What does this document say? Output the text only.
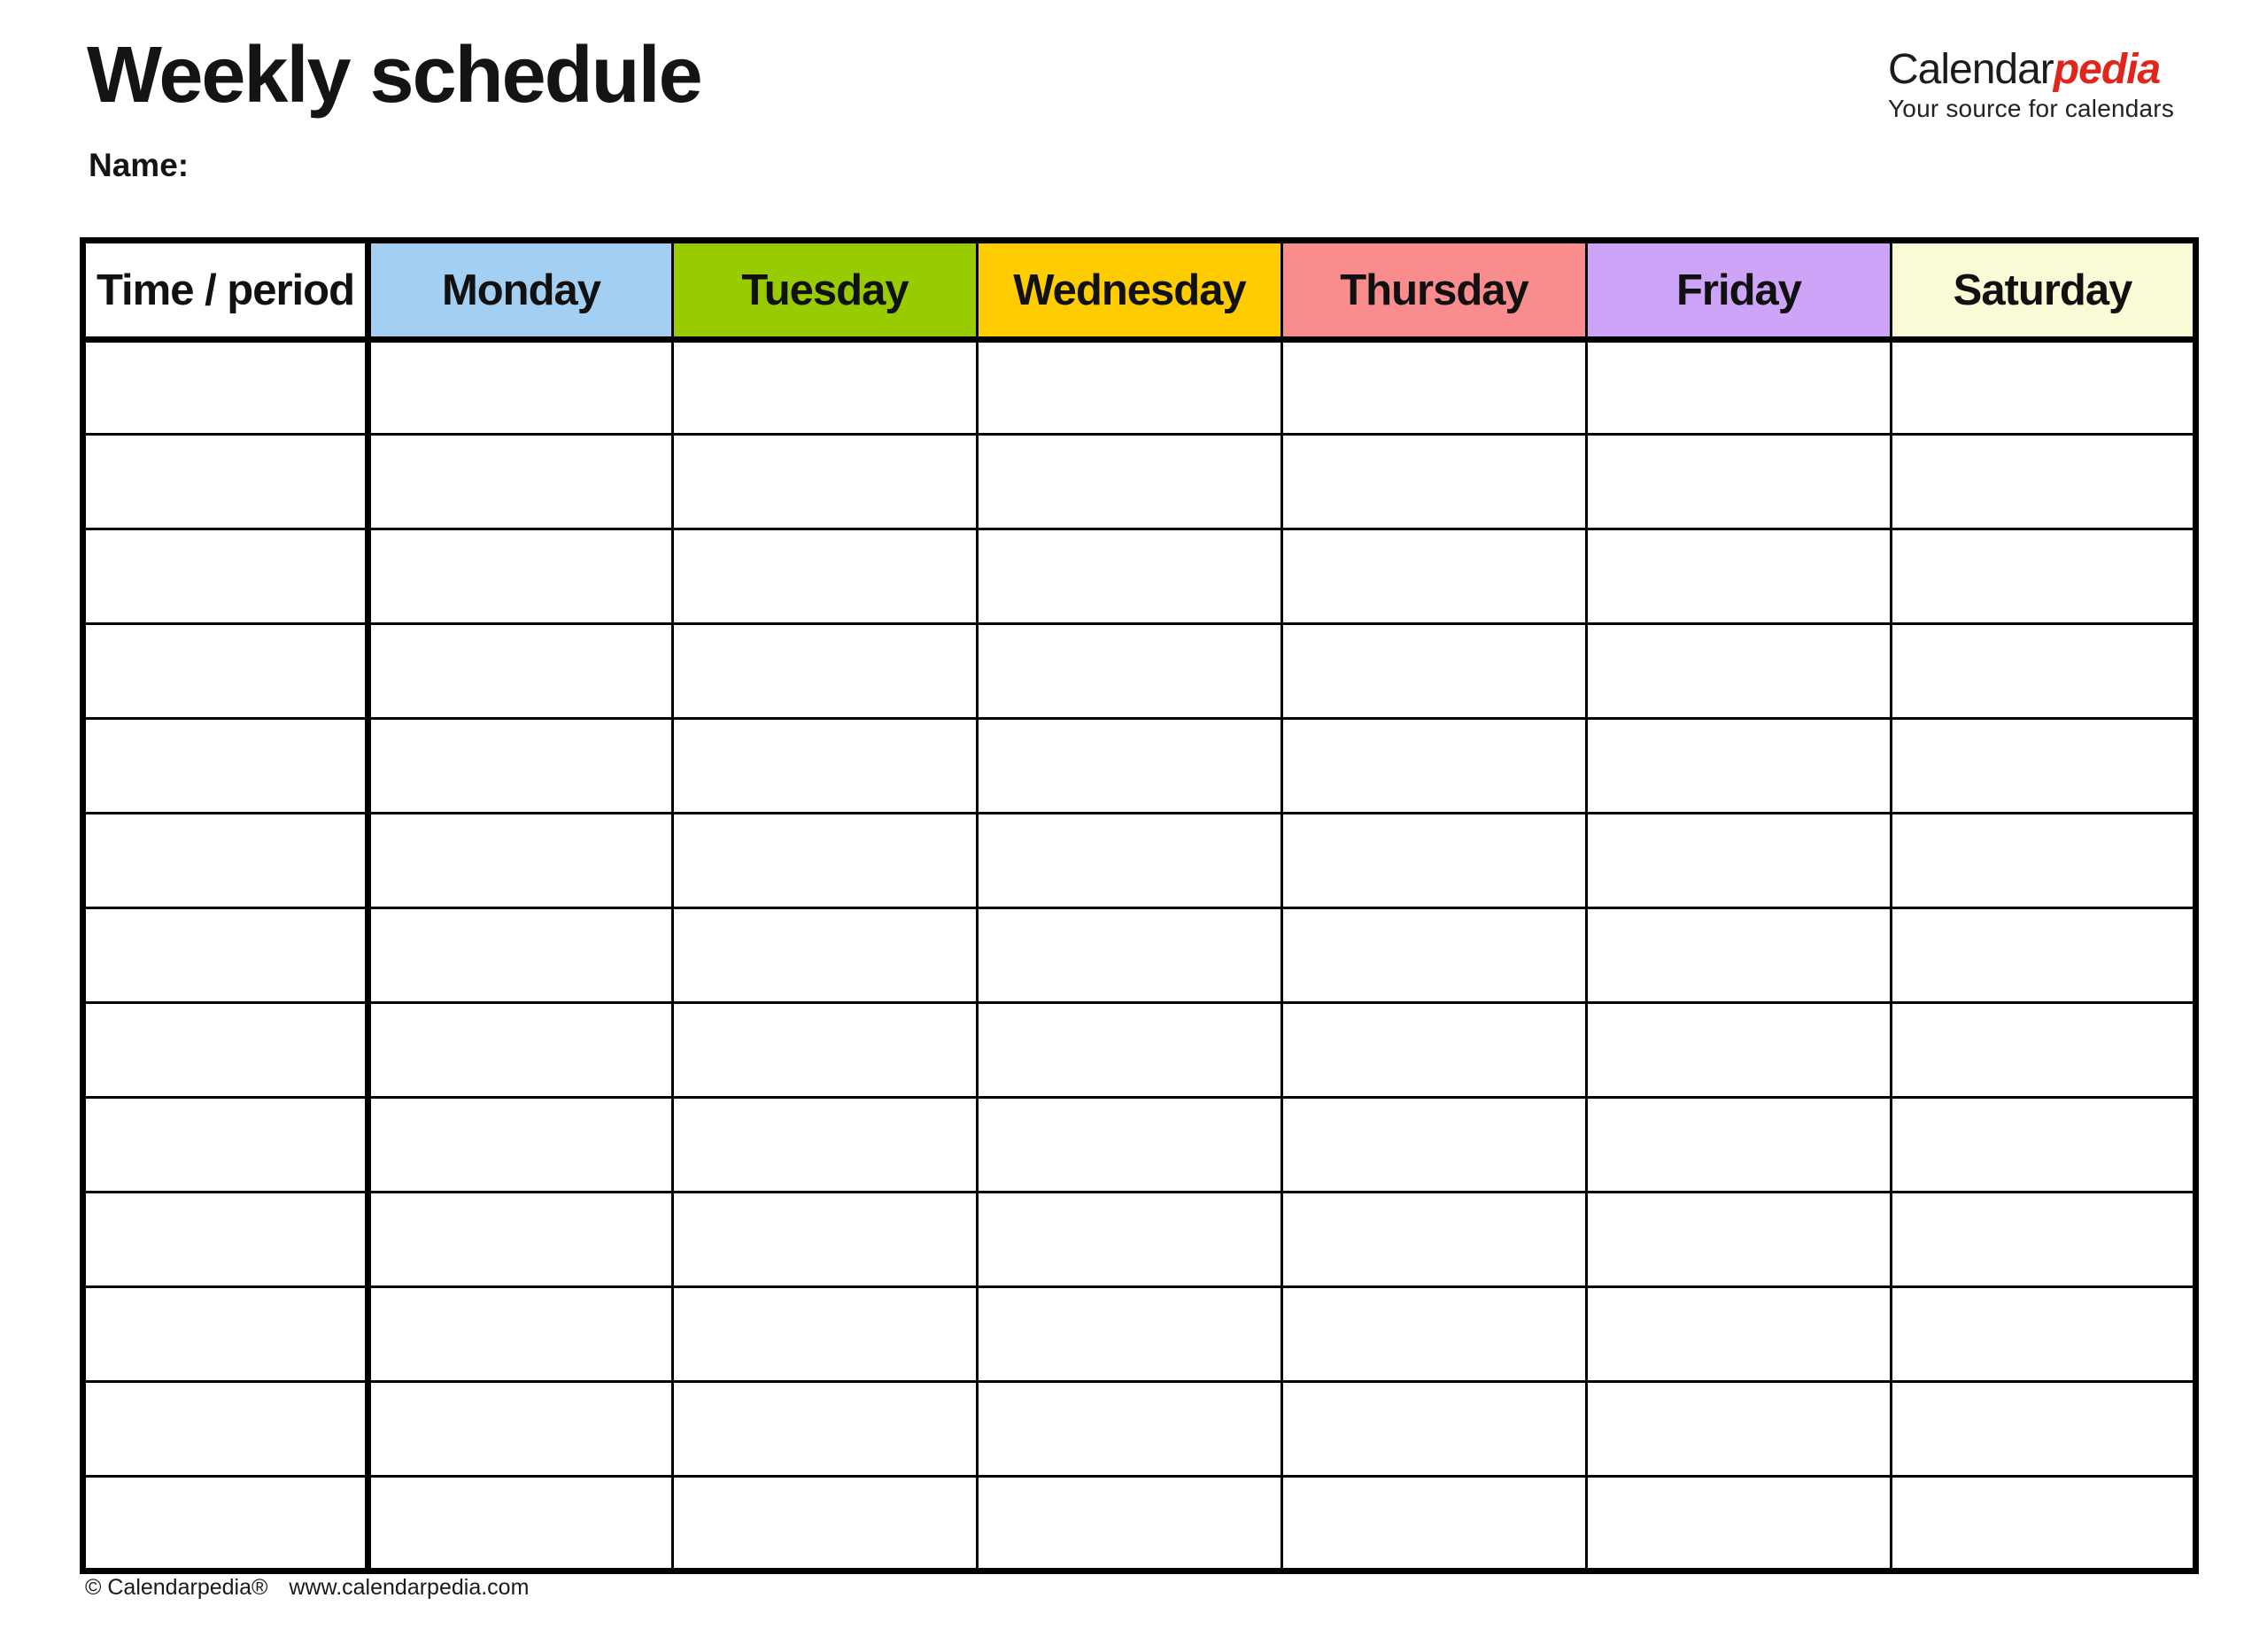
Weekly schedule	Calendarpedia
Your source for calendars
Name:
Time / period	Monday	Tuesday	Wednesday	Thursday	Friday	Saturday

© Calendarpedia® www.calendarpedia.com
